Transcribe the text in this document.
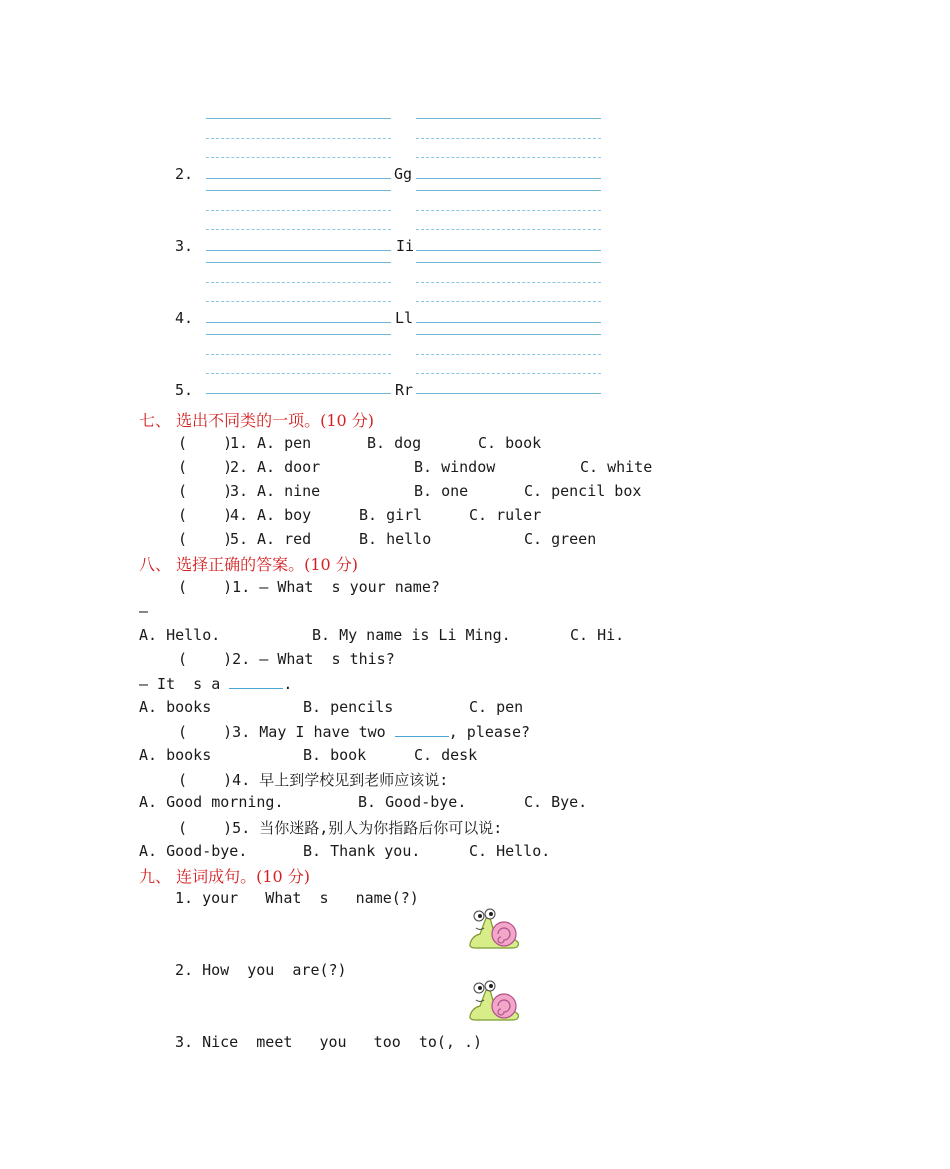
2.	Gg
3.	Ii
4.	Ll
5.	Rr
七、 选出不同类的一项。(10 分)
(    )
1. A. pen	B. dog	C. book
(    )
2. A. door	B. window	C. white
(    )
3. A. nine	B. one	C. pencil box
(    )
4. A. boy	B. girl	C. ruler
(    )
5. A. red	B. hello	C. green
八、 选择正确的答案。(10 分)
(    )1. — What  s your name?
—
A. Hello.	B. My name is Li Ming.	C. Hi.
(    )2. — What  s this?
— It  s a	.
A. books	B. pencils	C. pen
(    )3. May I have two	, please?
A. books	B. book	C. desk
(    )4. 早上到学校见到老师应该说:
A. Good morning.	B. Good-bye.	C. Bye.
(    )5. 当你迷路,别人为你指路后你可以说:
A. Good-bye.	B. Thank you.	C. Hello.
九、 连词成句。(10 分)
1. your   What  s   name(?)
2. How  you  are(?)
3. Nice  meet   you   too  to(, .)
